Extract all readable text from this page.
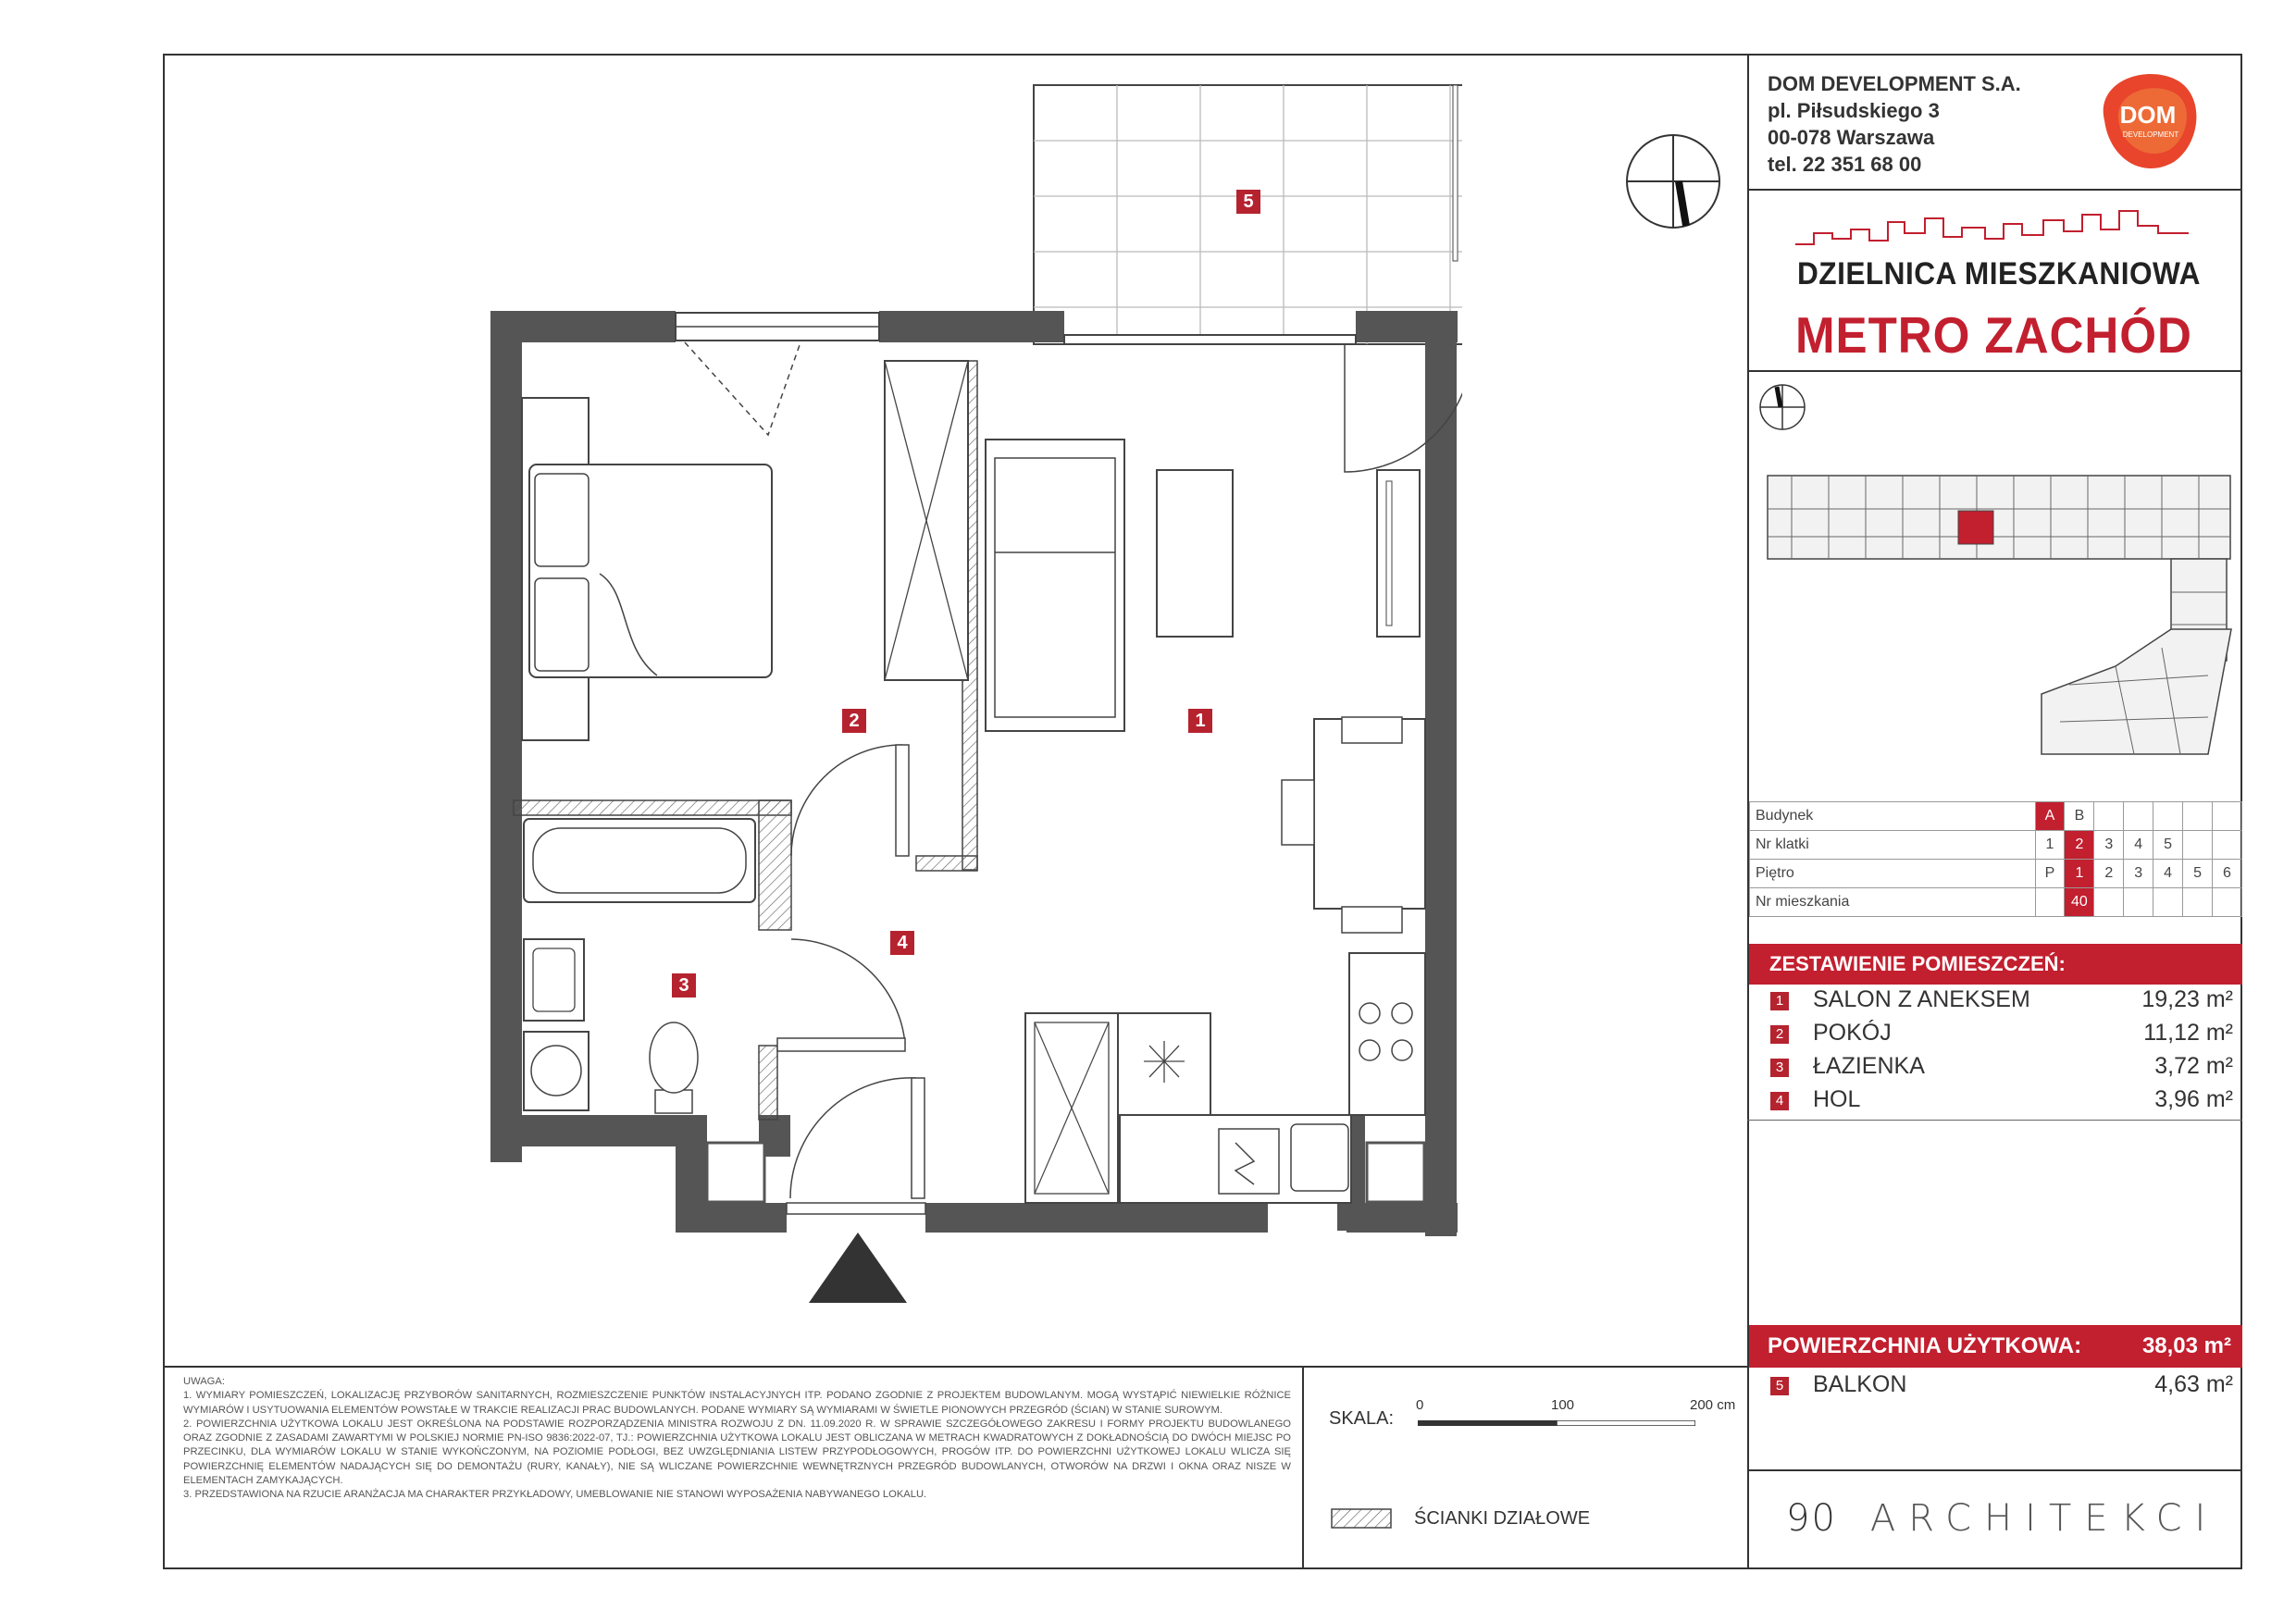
DOM DEVELOPMENT S.A.
pl. Piłsudskiego 3
00-078 Warszawa
tel. 22 351 68 00
DOM
DEVELOPMENT
DZIELNICA MIESZKANIOWA
METRO ZACHÓD
Budynek	A	B					
Nr klatki	1	2	3	4	5		
Piętro	P	1	2	3	4	5	6
Nr mieszkania		40					
ZESTAWIENIE POMIESZCZEŃ:
1 SALON Z ANEKSEM	19,23 m²
2 POKÓJ	11,12 m²
3 ŁAZIENKA	3,72 m²
4 HOL	3,96 m²
POWIERZCHNIA UŻYTKOWA:	38,03 m²
5 BALKON	4,63 m²
90 ARCHITEKCI

UWAGA:

1. WYMIARY POMIESZCZEŃ, LOKALIZACJĘ PRZYBORÓW SANITARNYCH, ROZMIESZCZENIE PUNKTÓW INSTALACYJNYCH ITP. PODANO ZGODNIE Z PROJEKTEM BUDOWLANYM. MOGĄ WYSTĄPIĆ NIEWIELKIE RÓŻNICE WYMIARÓW I USYTUOWANIA ELEMENTÓW POWSTAŁE W TRAKCIE REALIZACJI PRAC BUDOWLANYCH. PODANE WYMIARY SĄ WYMIARAMI W ŚWIETLE PIONOWYCH PRZEGRÓD (ŚCIAN) W STANIE SUROWYM.

2. POWIERZCHNIA UŻYTKOWA LOKALU JEST OKREŚLONA NA PODSTAWIE ROZPORZĄDZENIA MINISTRA ROZWOJU Z DN. 11.09.2020 R. W SPRAWIE SZCZEGÓŁOWEGO ZAKRESU I FORMY PROJEKTU BUDOWLANEGO ORAZ ZGODNIE Z ZASADAMI ZAWARTYMI W POLSKIEJ NORMIE PN-ISO 9836:2022-07, TJ.: POWIERZCHNIA UŻYTKOWA LOKALU JEST OBLICZANA W METRACH KWADRATOWYCH Z DOKŁADNOŚCIĄ DO DWÓCH MIEJSC PO PRZECINKU, DLA WYMIARÓW LOKALU W STANIE WYKOŃCZONYM, NA POZIOMIE PODŁOGI, BEZ UWZGLĘDNIANIA LISTEW PRZYPODŁOGOWYCH, PROGÓW ITP. DO POWIERZCHNI UŻYTKOWEJ LOKALU WLICZA SIĘ POWIERZCHNIĘ ELEMENTÓW NADAJĄCYCH SIĘ DO DEMONTAŻU (RURY, KANAŁY), NIE SĄ WLICZANE POWIERZCHNIE WEWNĘTRZNYCH PRZEGRÓD BUDOWLANYCH, OTWORÓW NA DRZWI I OKNA ORAZ NISZE W ELEMENTACH ZAMYKAJĄCYCH.

3. PRZEDSTAWIONA NA RZUCIE ARANŻACJA MA CHARAKTER PRZYKŁADOWY, UMEBLOWANIE NIE STANOWI WYPOSAŻENIA NABYWANEGO LOKALU.

SKALA:
0	100	200 cm
ŚCIANKI DZIAŁOWE
1
2
3
4
5
